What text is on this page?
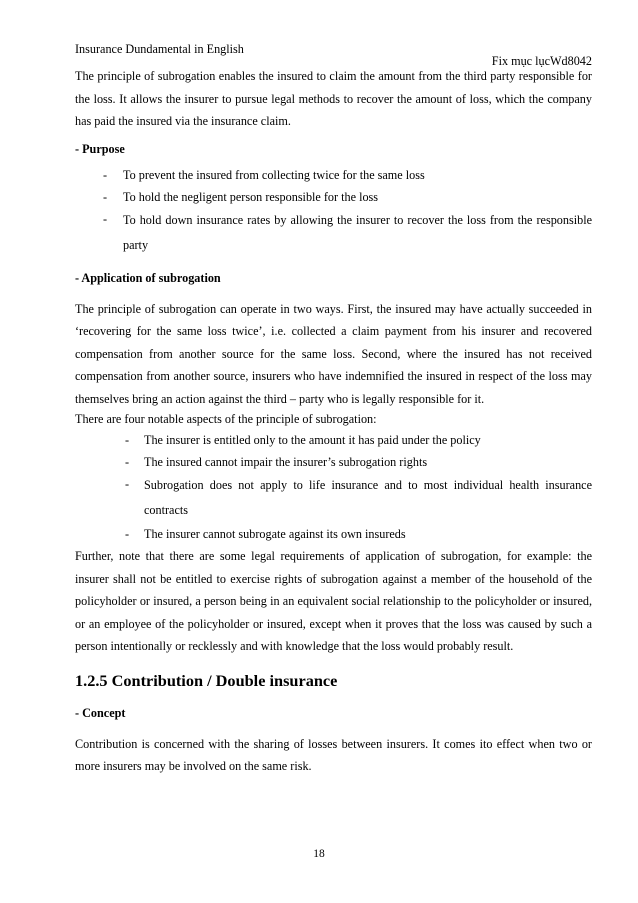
Insurance Dundamental in English
Fix mục lụcWd8042

The principle of subrogation enables the insured to claim the amount from the third party responsible for the loss. It allows the insurer to pursue legal methods to recover the amount of loss, which the company has paid the insured via the insurance claim.

- Purpose
- To prevent the insured from collecting twice for the same loss
- To hold the negligent person responsible for the loss
- To hold down insurance rates by allowing the insurer to recover the loss from the responsible party
- Application of subrogation

The principle of subrogation can operate in two ways. First, the insured may have actually succeeded in ‘recovering for the same loss twice’, i.e. collected a claim payment from his insurer and recovered compensation from another source for the same loss. Second, where the insured has not received compensation from another source, insurers who have indemnified the insured in respect of the loss may themselves bring an action against the third – party who is legally responsible for it.

There are four notable aspects of the principle of subrogation:

- The insurer is entitled only to the amount it has paid under the policy
- The insured cannot impair the insurer’s subrogation rights
- Subrogation does not apply to life insurance and to most individual health insurance contracts
- The insurer cannot subrogate against its own insureds

Further, note that there are some legal requirements of application of subrogation, for example: the insurer shall not be entitled to exercise rights of subrogation against a member of the household of the policyholder or insured, a person being in an equivalent social relationship to the policyholder or insured, or an employee of the policyholder or insured, except when it proves that the loss was caused by such a person intentionally or recklessly and with knowledge that the loss would probably result.

1.2.5 Contribution / Double insurance
- Concept

Contribution is concerned with the sharing of losses between insurers. It comes ito effect when two or more insurers may be involved on the same risk.

18
